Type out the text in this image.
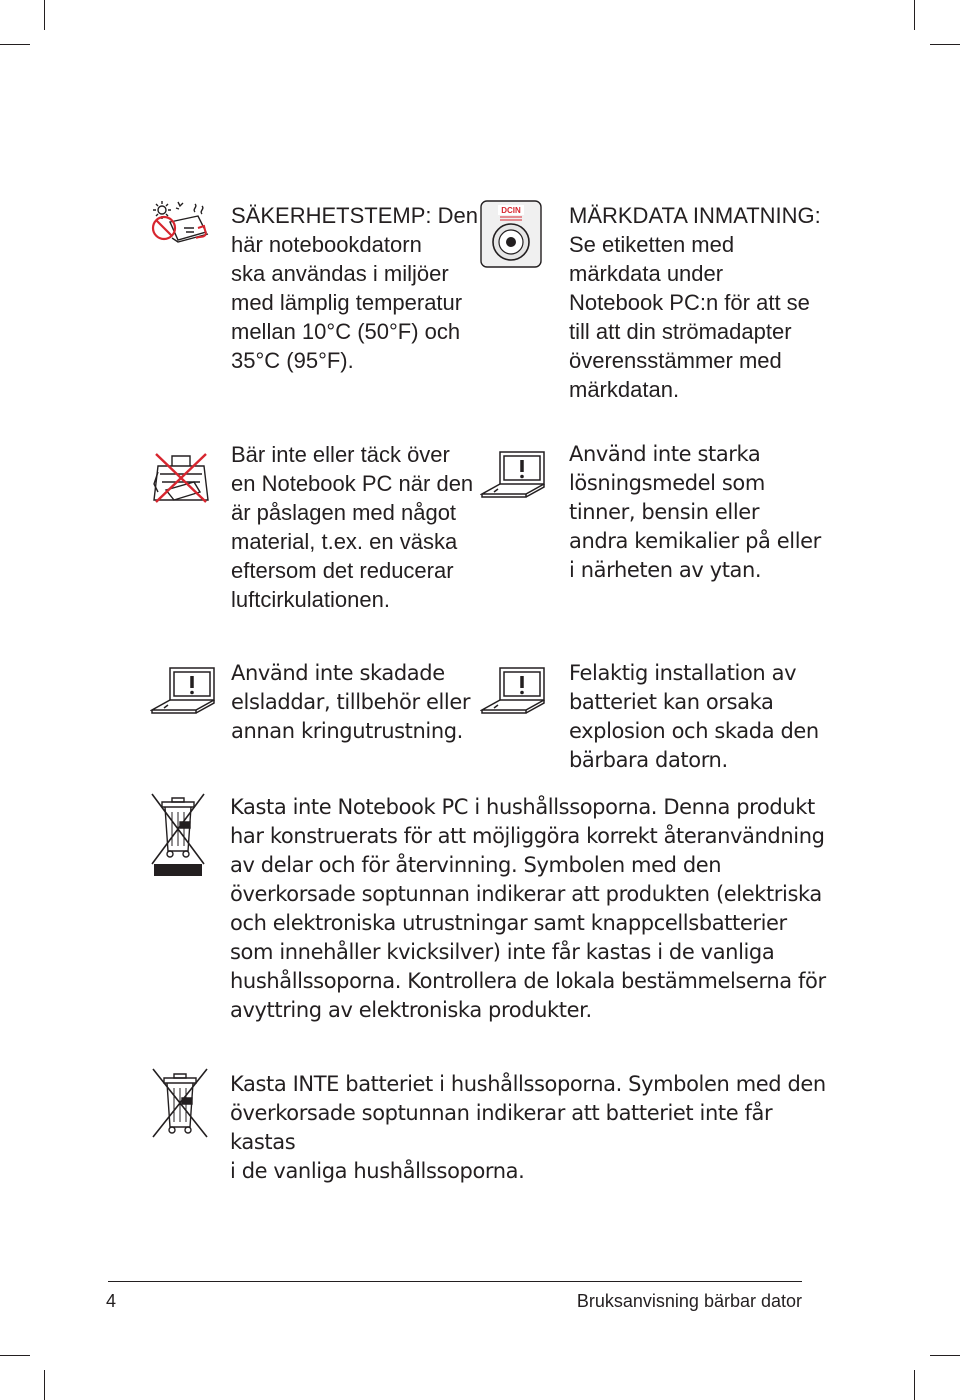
SÄKERHETSTEMP: Den
här notebookdatorn
ska användas i miljöer
med lämplig temperatur
mellan 10°C (50°F) och
35°C (95°F).

DCIN MÄRKDATA INMATNING:
Se etiketten med
märkdata under
Notebook PC:n för att se
till att din strömadapter
överensstämmer med
märkdatan.

Bär inte eller täck över
en Notebook PC när den
är påslagen med något
material, t.ex. en väska
eftersom det reducerar
luftcirkulationen.

Använd inte starka
lösningsmedel som
tinner, bensin eller
andra kemikalier på eller
i närheten av ytan.

Använd inte skadade
elsladdar, tillbehör eller
annan kringutrustning.

Felaktig installation av
batteriet kan orsaka
explosion och skada den
bärbara datorn.

Kasta inte Notebook PC i hushållssoporna. Denna produkt
har konstruerats för att möjliggöra korrekt återanvändning
av delar och för återvinning. Symbolen med den
överkorsade soptunnan indikerar att produkten (elektriska
och elektroniska utrustningar samt knappcellsbatterier
som innehåller kvicksilver) inte får kastas i de vanliga
hushållssoporna. Kontrollera de lokala bestämmelserna för
avyttring av elektroniska produkter.

Kasta INTE batteriet i hushållssoporna. Symbolen med den
överkorsade soptunnan indikerar att batteriet inte får kastas
i de vanliga hushållssoporna.

4	Bruksanvisning bärbar dator
